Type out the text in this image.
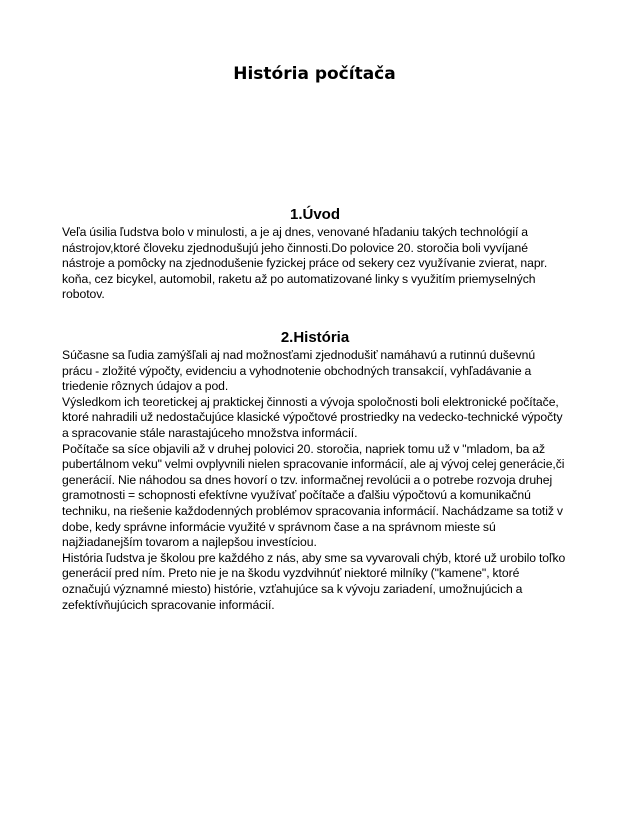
História počítača
1.Úvod

Veľa úsilia ľudstva bolo v minulosti, a je aj dnes, venované hľadaniu takých technológií a nástrojov,ktoré človeku zjednodušujú jeho činnosti.Do polovice 20. storočia boli vyvíjané nástroje a pomôcky na zjednodušenie fyzickej práce od sekery cez využívanie zvierat, napr. koňa, cez bicykel, automobil, raketu až po automatizované linky s využitím priemyselných robotov.

2.História

Súčasne sa ľudia zamýšľali aj nad možnosťami zjednodušiť namáhavú a rutinnú duševnú prácu - zložité výpočty, evidenciu a vyhodnotenie obchodných transakcií, vyhľadávanie a triedenie rôznych údajov a pod.

Výsledkom ich teoretickej aj praktickej činnosti a vývoja spoločnosti boli elektronické počítače, ktoré nahradili už nedostačujúce klasické výpočtové prostriedky na vedecko-technické výpočty a spracovanie stále narastajúceho množstva informácií.

Počítače sa síce objavili až v druhej polovici 20. storočia, napriek tomu už v "mladom, ba až pubertálnom veku" velmi ovplyvnili nielen spracovanie informácií, ale aj vývoj celej generácie,či generácií. Nie náhodou sa dnes hovorí o tzv. informačnej revolúcii a o potrebe rozvoja druhej gramotnosti = schopnosti efektívne využívať počítače a ďalšiu výpočtovú a komunikačnú techniku, na riešenie každodenných problémov spracovania informácií. Nachádzame sa totiž v dobe, kedy správne informácie využité v správnom čase a na správnom mieste sú najžiadanejším tovarom a najlepšou investíciou.

História ľudstva je školou pre každého z nás, aby sme sa vyvarovali chýb, ktoré už urobilo toľko generácií pred ním. Preto nie je na škodu vyzdvihnúť niektoré milníky ("kamene", ktoré označujú významné miesto) histórie, vzťahujúce sa k vývoju zariadení, umožnujúcich a zefektívňujúcich spracovanie informácií.
